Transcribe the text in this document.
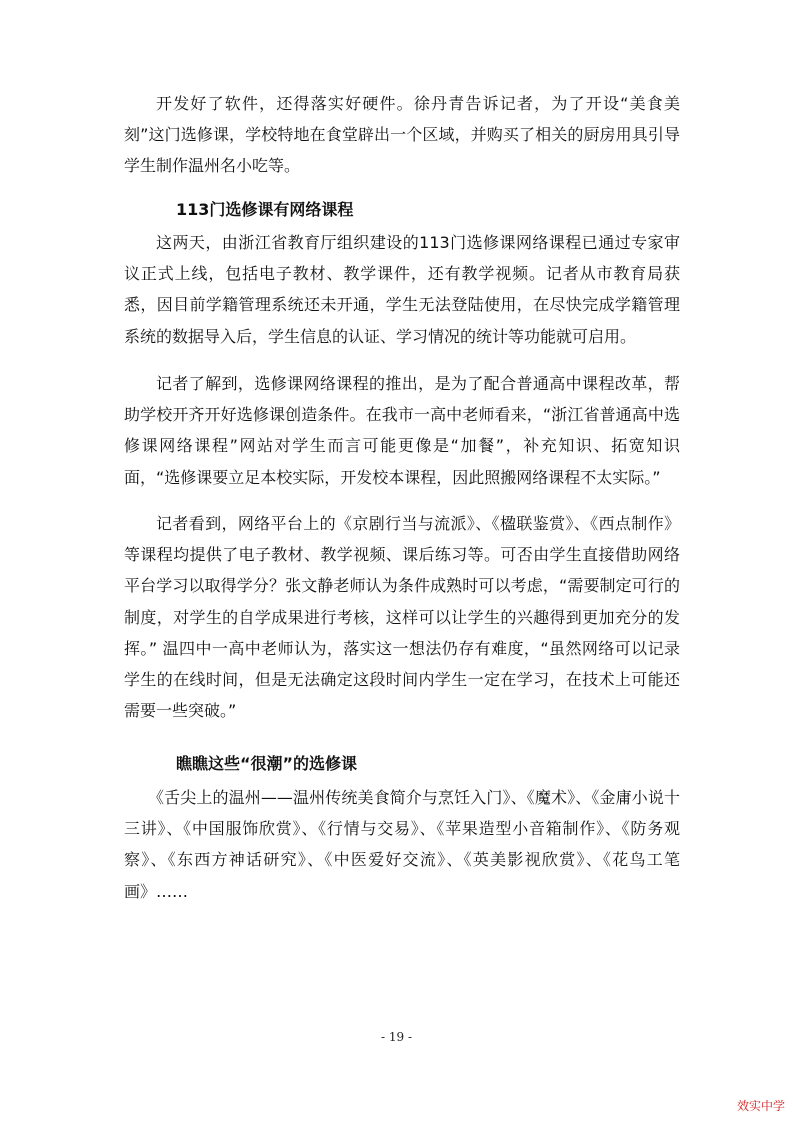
开发好了软件，还得落实好硬件。徐丹青告诉记者，为了开设“美食美刻”这门选修课，学校特地在食堂辟出一个区域，并购买了相关的厨房用具引导学生制作温州名小吃等。

113门选修课有网络课程

这两天，由浙江省教育厅组织建设的113门选修课网络课程已通过专家审议正式上线，包括电子教材、教学课件，还有教学视频。记者从市教育局获悉，因目前学籍管理系统还未开通，学生无法登陆使用，在尽快完成学籍管理系统的数据导入后，学生信息的认证、学习情况的统计等功能就可启用。

记者了解到，选修课网络课程的推出，是为了配合普通高中课程改革，帮助学校开齐开好选修课创造条件。在我市一高中老师看来，“浙江省普通高中选修课网络课程”网站对学生而言可能更像是“加餐”，补充知识、拓宽知识面，“选修课要立足本校实际，开发校本课程，因此照搬网络课程不太实际。”

记者看到，网络平台上的《京剧行当与流派》、《楹联鉴赏》、《西点制作》等课程均提供了电子教材、教学视频、课后练习等。可否由学生直接借助网络平台学习以取得学分？张文静老师认为条件成熟时可以考虑，“需要制定可行的制度，对学生的自学成果进行考核，这样可以让学生的兴趣得到更加充分的发挥。” 温四中一高中老师认为，落实这一想法仍存有难度，“虽然网络可以记录学生的在线时间，但是无法确定这段时间内学生一定在学习，在技术上可能还需要一些突破。”

瞧瞧这些“很潮”的选修课

《舌尖上的温州——温州传统美食简介与烹饪入门》、《魔术》、《金庸小说十三讲》、《中国服饰欣赏》、《行情与交易》、《苹果造型小音箱制作》、《防务观察》、《东西方神话研究》、《中医爱好交流》、《英美影视欣赏》、《花鸟工笔画》……

- 19 -
效实中学
